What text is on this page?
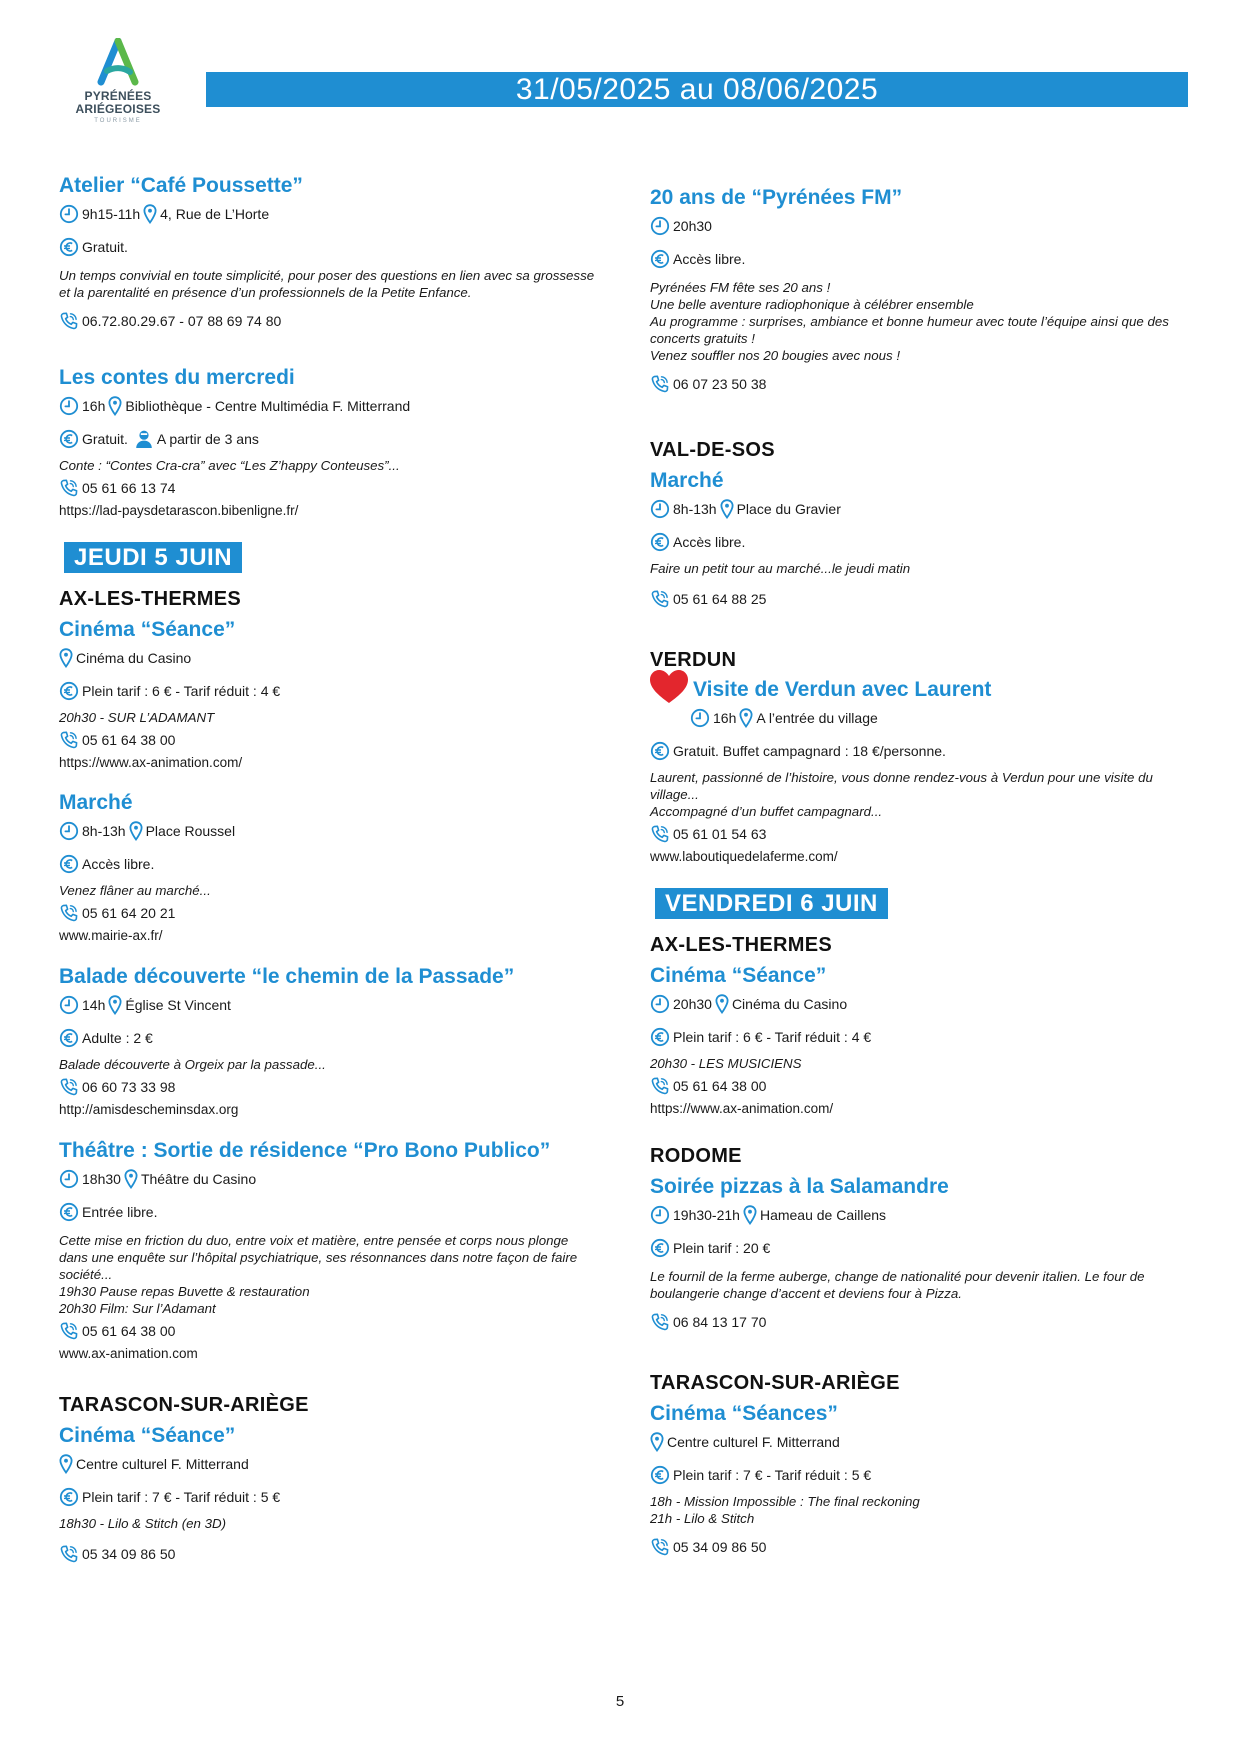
PYRÉNÉES
ARIÉGEOISES
TOURISME
31/05/2025 au 08/06/2025
Atelier “Café Poussette”
9h15-11h 4, Rue de L’Horte
Gratuit.
Un temps convivial en toute simplicité, pour poser des questions en lien avec sa grossesse et la parentalité en présence d’un professionnels de la Petite Enfance.
06.72.80.29.67 - 07 88 69 74 80
Les contes du mercredi
16h Bibliothèque - Centre Multimédia F. Mitterrand
Gratuit. A partir de 3 ans
Conte : “Contes Cra-cra” avec “Les Z’happy Conteuses”...
05 61 66 13 74
https://lad-paysdetarascon.bibenligne.fr/
JEUDI 5 JUIN
AX-LES-THERMES
Cinéma “Séance”
Cinéma du Casino
Plein tarif : 6 € - Tarif réduit : 4 €
20h30 - SUR L’ADAMANT
05 61 64 38 00
https://www.ax-animation.com/
Marché
8h-13h Place Roussel
Accès libre.
Venez flâner au marché...
05 61 64 20 21
www.mairie-ax.fr/
Balade découverte “le chemin de la Passade”
14h Église St Vincent
Adulte : 2 €
Balade découverte à Orgeix par la passade...
06 60 73 33 98
http://amisdescheminsdax.org
Théâtre : Sortie de résidence “Pro Bono Publico”
18h30 Théâtre du Casino
Entrée libre.
Cette mise en friction du duo, entre voix et matière, entre pensée et corps nous plonge dans une enquête sur l’hôpital psychiatrique, ses résonnances dans notre façon de faire société...
19h30 Pause repas Buvette & restauration
20h30 Film: Sur l’Adamant
05 61 64 38 00
www.ax-animation.com
TARASCON-SUR-ARIÈGE
Cinéma “Séance”
Centre culturel F. Mitterrand
Plein tarif : 7 € - Tarif réduit : 5 €
18h30 - Lilo & Stitch (en 3D)
05 34 09 86 50
20 ans de “Pyrénées FM”
20h30
Accès libre.
Pyrénées FM fête ses 20 ans !
Une belle aventure radiophonique à célébrer ensemble
Au programme : surprises, ambiance et bonne humeur avec toute l’équipe ainsi que des concerts gratuits !
Venez souffler nos 20 bougies avec nous !
06 07 23 50 38
VAL-DE-SOS
Marché
8h-13h Place du Gravier
Accès libre.
Faire un petit tour au marché...le jeudi matin
05 61 64 88 25
VERDUN
Visite de Verdun avec Laurent
16h A l’entrée du village
Gratuit. Buffet campagnard : 18 €/personne.
Laurent, passionné de l’histoire, vous donne rendez-vous à Verdun pour une visite du village...
Accompagné d’un buffet campagnard...
05 61 01 54 63
www.laboutiquedelaferme.com/
VENDREDI 6 JUIN
AX-LES-THERMES
Cinéma “Séance”
20h30 Cinéma du Casino
Plein tarif : 6 € - Tarif réduit : 4 €
20h30 - LES MUSICIENS
05 61 64 38 00
https://www.ax-animation.com/
RODOME
Soirée pizzas à la Salamandre
19h30-21h Hameau de Caillens
Plein tarif : 20 €
Le fournil de la ferme auberge, change de nationalité pour devenir italien. Le four de boulangerie change d’accent et deviens four à Pizza.
06 84 13 17 70
TARASCON-SUR-ARIÈGE
Cinéma “Séances”
Centre culturel F. Mitterrand
Plein tarif : 7 € - Tarif réduit : 5 €
18h - Mission Impossible : The final reckoning
21h - Lilo & Stitch
05 34 09 86 50
5
